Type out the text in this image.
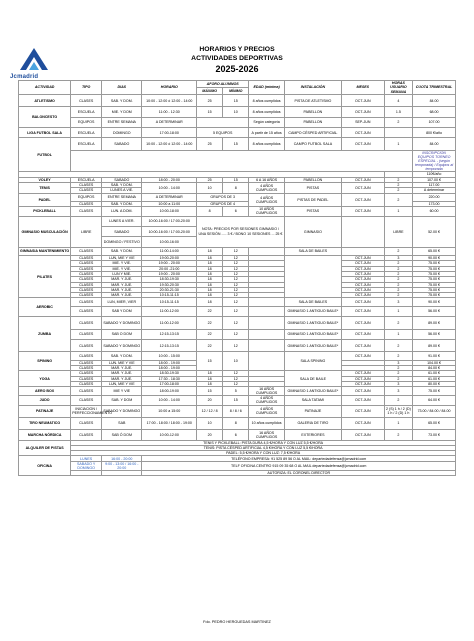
Jcmadrid
HORARIOS Y PRECIOS
ACTIVIDADES DEPORTIVAS
2025-2026
ACTIVIDAD	TIPO	DIAS	HORARIO	AFORO ALUMNOS		EDAD (mínima)	INSTALACIÓN	MESES	HORAS USUARIO SEMANA	CUOTA TRIMESTRAL
				MÁXIMO	MÍNIMO					
ATLETISMO	CLASES	SAB. Y DOM.	10:00 - 12:00 ó 12:00 - 14:00	25	15	8 años cumplidos	PISTA DE ATLETISMO	OCT-JUN	4	84.00
BALONCESTO	ESCUELA	MIE. Y DOM	11:00 - 12:30	15	10	8 años cumplidos	PABELLON	OCT-JUN	1.5	68.00
	EQUIPOS	ENTRE SEMANA	A DETERMINAR			Según categoría	PABELLON	SEP-JUN	2	107.00
LIGA FUTBOL SALA	ESCUELA	DOMINGO	17:00-18:00	5 EQUIPOS		A partir de 15 años	CAMPO CÉSPED ARTIFICIAL	OCT-JUN		800 €/año
FUTBOL	ESCUELA	SABADO	10:00 - 12:00 ó 12:00 - 14:00	25	15	8 años cumplidos	CAMPO FUTBOL SALA	OCT-JUN	1	84.00
										INSCRIPCION EQUIPOS TORNEO ESPECIAL - (según temporada) / Equipos al temporada
										110€/año
VOLEY	ESCUELA	SABADO	18:00 - 20:00	25	15	6 A 16 AÑOS	PABELLON	OCT-JUN	2	107.00 €
TENIS	CLASES	SAB. Y DOM.	10:00 - 14:00	10	8	4 AÑOS CUMPLIDOS	PISTAS	OCT-JUN	2	117.00
	CLASES	LUNES A VIE.							2	A determinar
PADEL	EQUIPOS	ENTRE SEMANA	A DETERMINAR	GRUPOS DE 3		4 AÑOS CUMPLIDOS	PISTAS DE PADEL	OCT-JUN	2	220.00
	CLASES	SAB. Y DOM.	10:00 a 11:00	GRUPOS DE 4						173.00
PICKLEBALL	CLASES	LUN. A DOM.	10:00-18:00	8	6	10 AÑOS CUMPLIDOS	PISTAS	OCT-JUN	1	60.00
GIMNASIO MUSCULACIÓN	LIBRE	LUNES A VIER.	10:00-16:00 / 17:00-20:00	NOTA: PRECIOS POR SESIONES GIMNASIO / UNA SESIÓN ..... 3 € / BONO 10 SESIONES ... 25 €			GIMNASIO		LIBRE	52.00 €
		SABADO	10:00-16:00 / 17:00-20:00							
		DOMINGO / FESTIVO	10:00-16:00							
GIMNASIA MANTENIMIENTO	CLASES	SAB. Y DOM.	11:00-14:00	18	12		SALA DE BAILES		2	65.00 €
PILATES	CLASES	LUN, MIE Y VIE	19:00-20:00	18	12			OCT-JUN	3	90.00 €
	CLASES	MIE. Y VIE.	19:00 - 20:00	18	12			OCT-JUN	2	75.00 €
	CLASES	MIE. Y VIE.	20:00 -21:00	18	12			OCT-JUN	2	75.00 €
	CLASES	LUN Y MIE.	19:00 - 20:00	18	12			OCT-JUN	2	75.00 €
	CLASES	MAR. Y JUE.	18:30-19:30	18	12			OCT-JUN	2	75.00 €
	CLASES	MAR. Y JUE.	19:30-20:30	18	12			OCT-JUN	2	75.00 €
	CLASES	MAR. Y JUE.	20:30-21:30	18	12			OCT-JUN	2	75.00 €
	CLASES	MAR. Y JUE.	10:15-11:15	18	12			OCT-JUN	2	75.00 €
AEROBIC	CLASES	LUN, MIER, VIER	10:15-11:15	18	12		SALA DE BAILES	OCT-JUN	3	90.00 €
	CLASES	SAB Y DOM	11:00-12:00	22	12		GIMNASIO 1 ANTIGUO BAILE*	OCT-JUN	1	56.00 €
ZUMBA	CLASES	SABADO Y DOMINGO	11:00-12:00	22	12		GIMNASIO 1 ANTIGUO BAILE*	OCT-JUN	2	89.00 €
	CLASES	SAB O DOM	12:15-13:15	22	12		GIMNASIO 1 ANTIGUO BAILE*	OCT-JUN	1	56.00 €
	CLASES	SABADO Y DOMINGO	12:15-13:15	22	12		GIMNASIO 1 ANTIGUO BAILE*	OCT-JUN	2	89.00 €
SPINING	CLASES	SAB. Y DOM.	10:00 - 15:00	15	10		SALA SPINING	OCT-JUN	2	91.00 €
	CLASES	LUN. MIE Y VIE	18:00 - 19:00						3	104.00 €
	CLASES	MAR. Y JUE.	18:00 - 19:00						2	84.00 €
YOGA	CLASES	MAR. Y JUE.	18:30-19:30	18	12		SALA DE BAILE	OCT-JUN	2	61.00 €
	CLASES	MAR. Y JUE.	17:30 - 18:30	18	12			OCT-JUN	2	61.00 €
	CLASES	LUN, MIE Y VIE	17:00-18:00	18	12			OCT-JUN	3	80.00 €
AERO BOX	CLASES	MIE Y VIE	18:00-19:00	15	5	16 AÑOS CUMPLIDOS	GIMNASIO 1 ANTIGUO BAILE*	OCT-JUN	3	75.00 €
JUDO	CLASES	SAB. Y DOM	10:00 - 14:00	20	15	4 AÑOS CUMPLIDOS	SALA TATAMI	OCT-JUN	2	64.00 €
PATINAJE	INICIACION / PERFECCIONAMIENTO	SABADO Y DOMINGO	10:00 a 15:00	12 / 12 / 8	8 / 8 / 6	4 AÑOS CUMPLIDOS	PATINAJE	OCT-JUN	2 (S) 1 h / 2 (D) 1 h / 2 (D) 1 h	73.00 / 84.00 / 84.00
TIRO NEUMATICO	CLASES	SAB	17:00 - 18:00 / 18:00 - 19:00	10	8	10 años cumplidos	GALERIA DE TIRO	OCT-JUN	1	65.00 €
MARCHA NÓRDICA	CLASES	SAB Ó DOM	10:00-12:00	20	6	16 AÑOS CUMPLIDOS	EXTERIORES	OCT-JUN	2	73.00 €
ALQUILER DE PISTAS	TENIS Y PICKLEBALL: PISTA DURA 4,5 €/HORA Y CON LUZ 5,5 €/HORA									
	TENIS: PISTA CÉSPED ARTIFICIAL 4,5 €/HORA Y CON LUZ 5,5 €/HORA									
	PADEL: 5,5 €/HORA Y CON LUZ: 7,5 €/HORA									
OFICINA	LUNES	16:00 - 20:00	TELÉFONO EMPRESA: 91 525 89 56 O AL MAIL: departedadefensa@jcmadrid.com							
	SABADO Y DOMINGO	9:00 - 13:00 / 16:00 - 20:00	TELF OFICINA CENTRO 915 09 35 68 O AL MAIL departedadefensa@jcmadrid.com							
			AUTORIZA: EL CORONEL DIRECTOR							
Fdo. PEDRO HERGUEDAS MARTINEZ
